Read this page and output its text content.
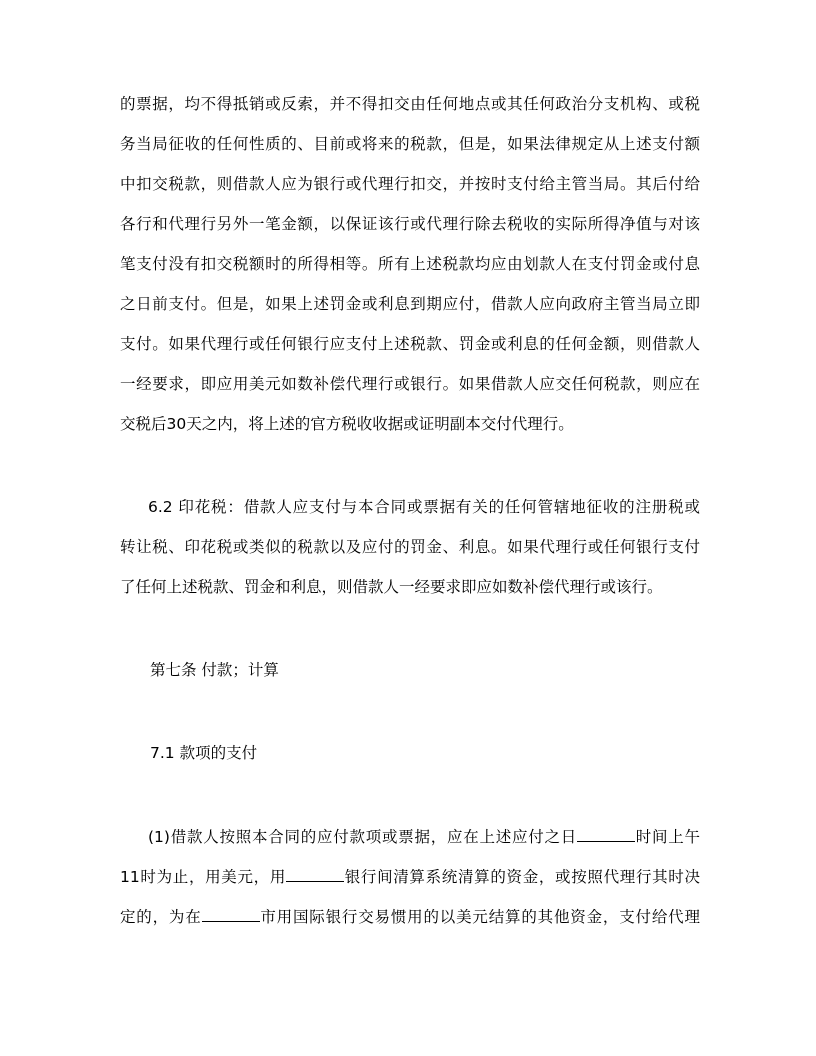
的票据，均不得抵销或反索，并不得扣交由任何地点或其任何政治分支机构、或税
务当局征收的任何性质的、目前或将来的税款，但是，如果法律规定从上述支付额
中扣交税款，则借款人应为银行或代理行扣交，并按时支付给主管当局。其后付给
各行和代理行另外一笔金额，以保证该行或代理行除去税收的实际所得净值与对该
笔支付没有扣交税额时的所得相等。所有上述税款均应由划款人在支付罚金或付息
之日前支付。但是，如果上述罚金或利息到期应付，借款人应向政府主管当局立即
支付。如果代理行或任何银行应支付上述税款、罚金或利息的任何金额，则借款人
一经要求，即应用美元如数补偿代理行或银行。如果借款人应交任何税款，则应在
交税后30天之内，将上述的官方税收收据或证明副本交付代理行。
6.2 印花税：借款人应支付与本合同或票据有关的任何管辖地征收的注册税或
转让税、印花税或类似的税款以及应付的罚金、利息。如果代理行或任何银行支付
了任何上述税款、罚金和利息，则借款人一经要求即应如数补偿代理行或该行。
第七条 付款；计算
7.1 款项的支付
(1)借款人按照本合同的应付款项或票据，应在上述应付之日	时间上午
11时为止，用美元，用	银行间清算系统清算的资金，或按照代理行其时决
定的，为在	市用国际银行交易惯用的以美元结算的其他资金，支付给代理
